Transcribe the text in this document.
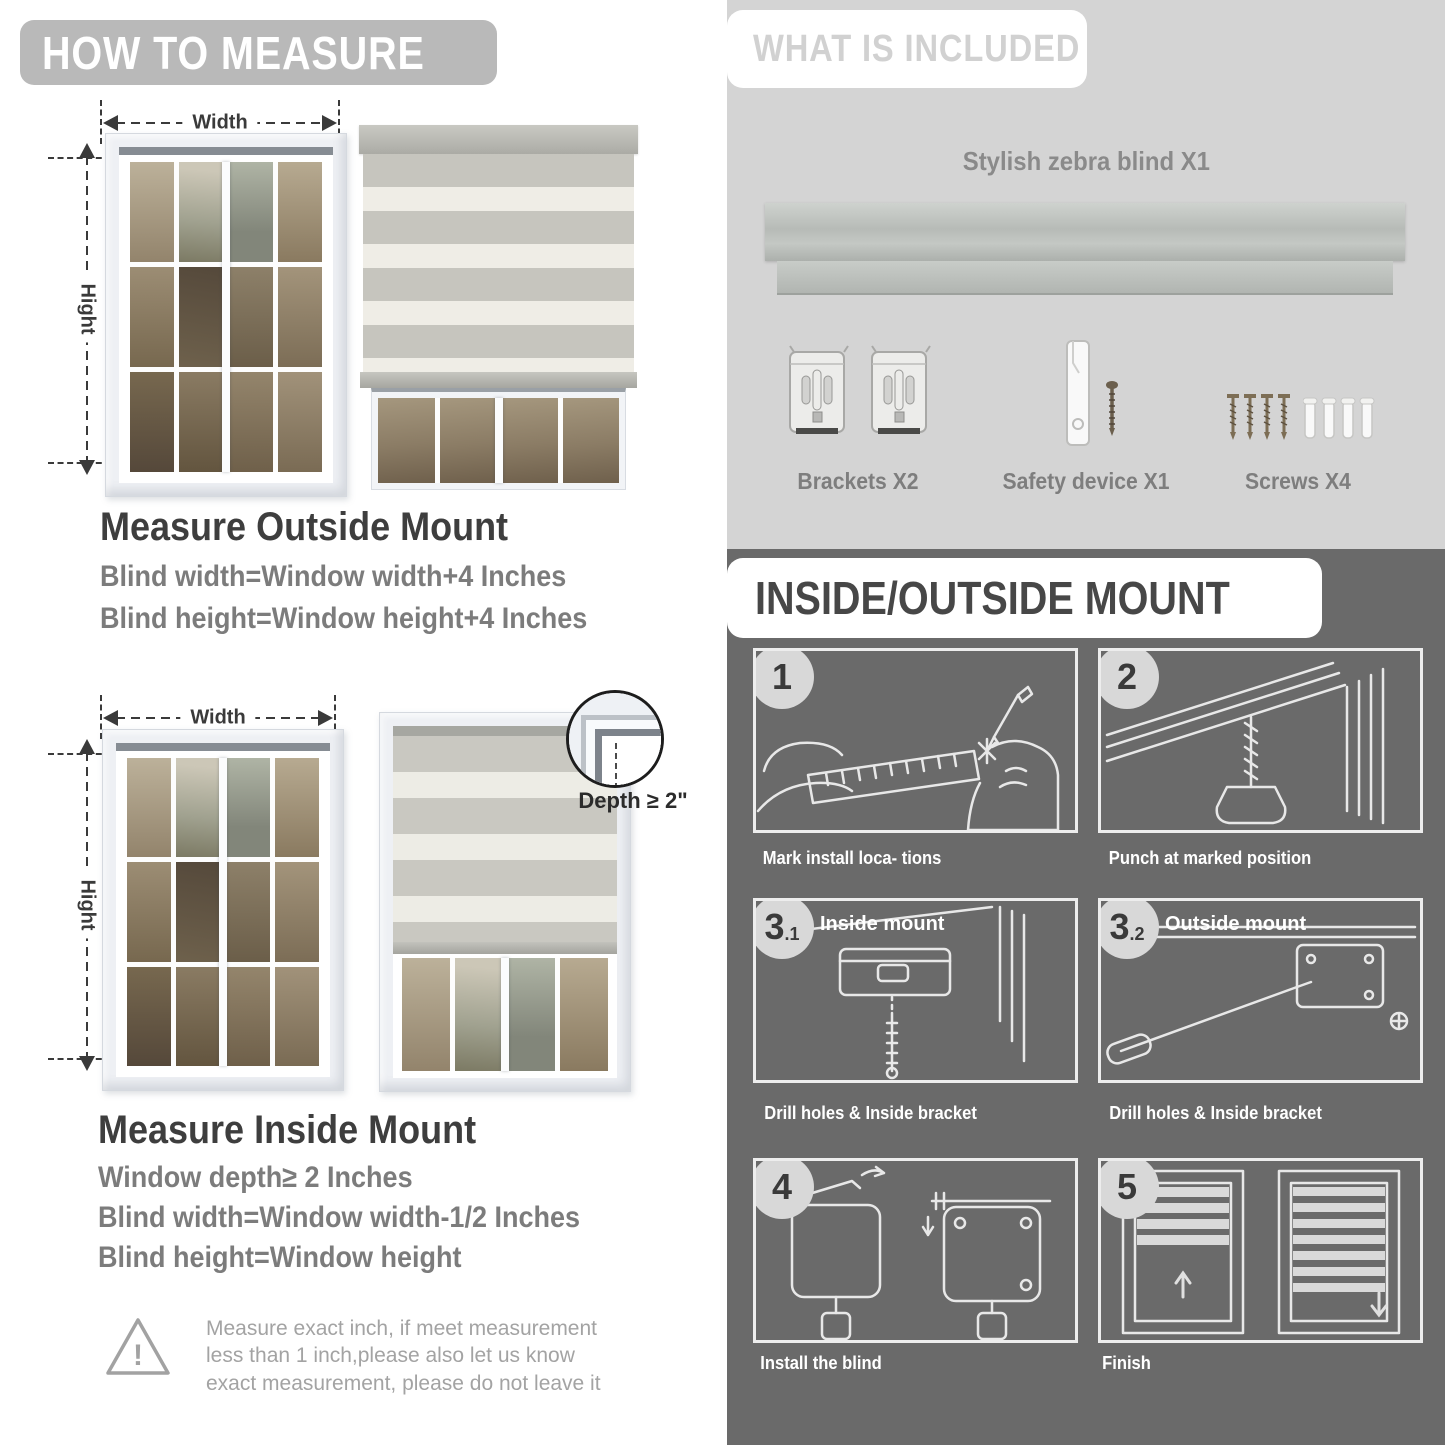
HOW TO MEASURE
Width
Hight
Measure Outside Mount

Blind width=Window width+4 Inches

Blind height=Window height+4 Inches

Width
Hight
Depth ≥ 2"
Measure Inside Mount

Window depth≥ 2 Inches

Blind width=Window width-1/2 Inches

Blind height=Window height

!
Measure exact inch, if meet measurement less than 1 inch,please also let us know exact measurement, please do not leave it
WHAT IS INCLUDED
Stylish zebra blind X1
Brackets X2	Safety device X1	Screws X4
INSIDE/OUTSIDE MOUNT
1	2
Mark install loca- tions	Punch at marked position
3 .1 Inside mount	3 .2 Outside mount
Drill holes & Inside bracket	Drill holes & Inside bracket
4	5
Install the blind	Finish
